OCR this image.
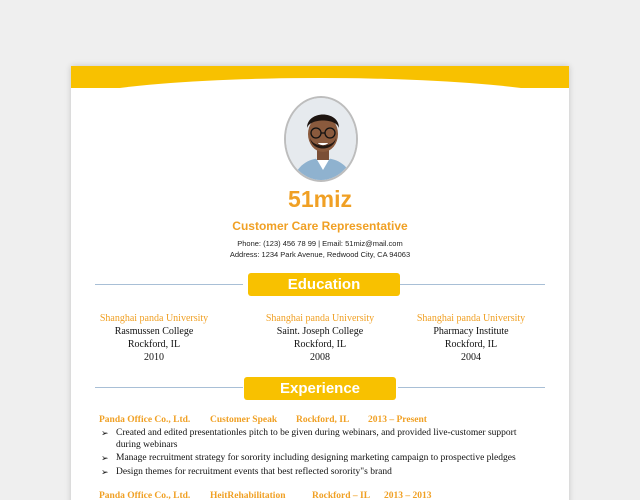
51miz
Customer Care Representative
Phone: (123) 456 78 99 | Email: 51miz@mail.com
Address: 1234 Park Avenue, Redwood City, CA 94063
Education
Shanghai panda University
Rasmussen College
Rockford, IL
2010
Shanghai panda University
Saint. Joseph College
Rockford, IL
2008
Shanghai panda University
Pharmacy Institute
Rockford, IL
2004
Experience
Panda Office Co., Ltd. Customer Speak Rockford, IL 2013 – Present
➢ Created and edited presentationles pitch to be given during webinars, and provided live-customer support during webinars
➢ Manage recruitment strategy for sorority including designing marketing campaign to prospective pledges
➢ Design themes for recruitment events that best reflected sorority"s brand
Panda Office Co., Ltd. HeitRehabilitation	Rockford – IL 2013 – 2013
